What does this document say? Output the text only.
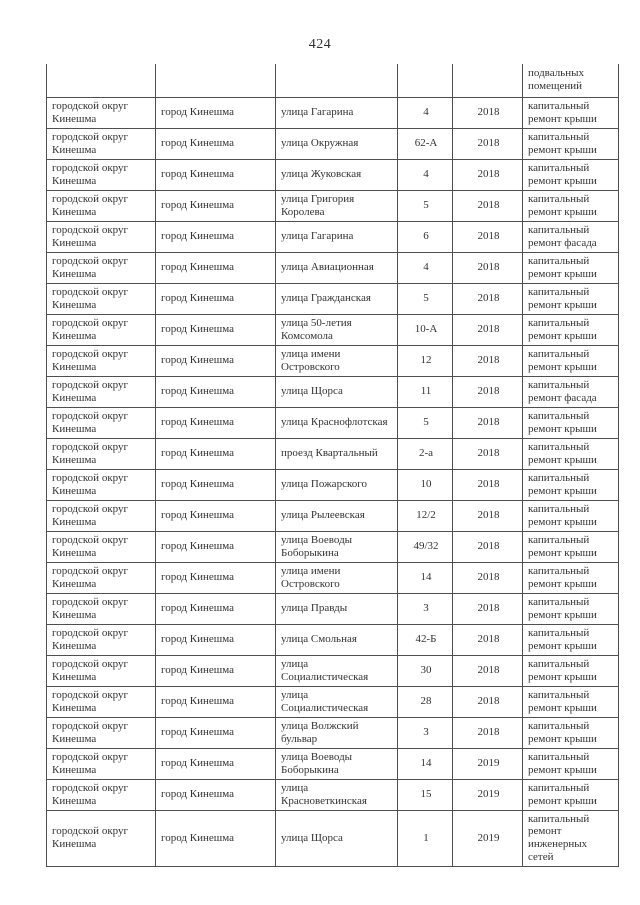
424
					подвальных помещений
городской округ Кинешма	город Кинешма	улица Гагарина	4	2018	капитальный ремонт крыши
городской округ Кинешма	город Кинешма	улица Окружная	62-А	2018	капитальный ремонт крыши
городской округ Кинешма	город Кинешма	улица Жуковская	4	2018	капитальный ремонт крыши
городской округ Кинешма	город Кинешма	улица Григория Королева	5	2018	капитальный ремонт крыши
городской округ Кинешма	город Кинешма	улица Гагарина	6	2018	капитальный ремонт фасада
городской округ Кинешма	город Кинешма	улица Авиационная	4	2018	капитальный ремонт крыши
городской округ Кинешма	город Кинешма	улица Гражданская	5	2018	капитальный ремонт крыши
городской округ Кинешма	город Кинешма	улица 50-летия Комсомола	10-А	2018	капитальный ремонт крыши
городской округ Кинешма	город Кинешма	улица имени Островского	12	2018	капитальный ремонт крыши
городской округ Кинешма	город Кинешма	улица Щорса	11	2018	капитальный ремонт фасада
городской округ Кинешма	город Кинешма	улица Краснофлотская	5	2018	капитальный ремонт крыши
городской округ Кинешма	город Кинешма	проезд Квартальный	2-а	2018	капитальный ремонт крыши
городской округ Кинешма	город Кинешма	улица Пожарского	10	2018	капитальный ремонт крыши
городской округ Кинешма	город Кинешма	улица Рылеевская	12/2	2018	капитальный ремонт крыши
городской округ Кинешма	город Кинешма	улица Воеводы Боборыкина	49/32	2018	капитальный ремонт крыши
городской округ Кинешма	город Кинешма	улица имени Островского	14	2018	капитальный ремонт крыши
городской округ Кинешма	город Кинешма	улица Правды	3	2018	капитальный ремонт крыши
городской округ Кинешма	город Кинешма	улица Смольная	42-Б	2018	капитальный ремонт крыши
городской округ Кинешма	город Кинешма	улица Социалистическая	30	2018	капитальный ремонт крыши
городской округ Кинешма	город Кинешма	улица Социалистическая	28	2018	капитальный ремонт крыши
городской округ Кинешма	город Кинешма	улица Волжский бульвар	3	2018	капитальный ремонт крыши
городской округ Кинешма	город Кинешма	улица Воеводы Боборыкина	14	2019	капитальный ремонт крыши
городской округ Кинешма	город Кинешма	улица Красноветкинская	15	2019	капитальный ремонт крыши
городской округ Кинешма	город Кинешма	улица Щорса	1	2019	капитальный ремонт инженерных сетей
